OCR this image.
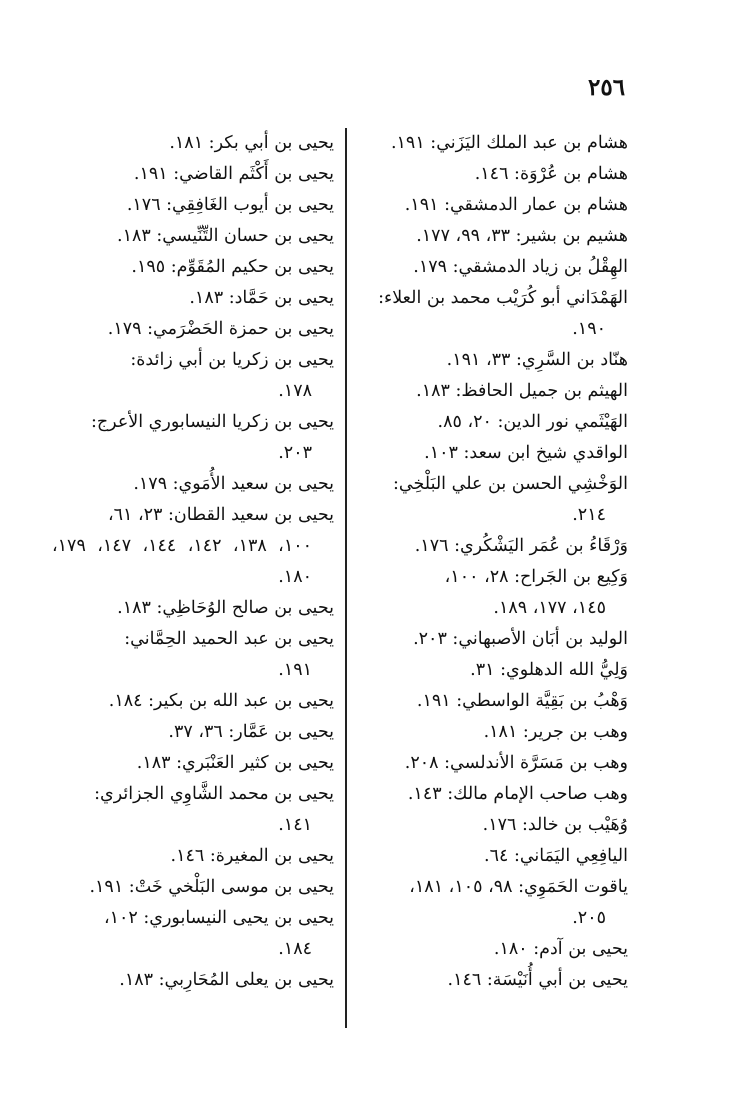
٢٥٦
هشام بن عبد الملك اليَزَني: ١٩١.
هشام بن عُرْوَة: ١٤٦.
هشام بن عمار الدمشقي: ١٩١.
هشيم بن بشير: ٣٣، ٩٩، ١٧٧.
الهِقْلُ بن زياد الدمشقي: ١٧٩.
الهَمْدَاني أبو كُرَيْب محمد بن العلاء:
١٩٠.
هنّاد بن السَّرِي: ٣٣، ١٩١.
الهيثم بن جميل الحافظ: ١٨٣.
الهَيْثَمي نور الدين: ٢٠، ٨٥.
الواقدي شيخ ابن سعد: ١٠٣.
الوَخْشِي الحسن بن علي البَلْخِي:
٢١٤.
وَرْقَاءُ بن عُمَر اليَشْكُري: ١٧٦.
وَكِيع بن الجَراح: ٢٨، ١٠٠،
١٤٥، ١٧٧، ١٨٩.
الوليد بن أبَان الأصبهاني: ٢٠٣.
وَلِيُّ الله الدهلوي: ٣١.
وَهْبُ بن بَقِيَّة الواسطي: ١٩١.
وهب بن جرير: ١٨١.
وهب بن مَسَرَّة الأندلسي: ٢٠٨.
وهب صاحب الإمام مالك: ١٤٣.
وُهَيْب بن خالد: ١٧٦.
اليافِعِي اليَمَاني: ٦٤.
ياقوت الحَمَوِي: ٩٨، ١٠٥، ١٨١،
٢٠٥.
يحيى بن آدم: ١٨٠.
يحيى بن أبي أُنَيْسَة: ١٤٦.
يحيى بن أبي بكر: ١٨١.
يحيى بن أَكْثَم القاضي: ١٩١.
يحيى بن أيوب الغَافِقِي: ١٧٦.
يحيى بن حسان التِّنِّيسي: ١٨٣.
يحيى بن حكيم المُقَوِّم: ١٩٥.
يحيى بن حَمَّاد: ١٨٣.
يحيى بن حمزة الحَضْرَمي: ١٧٩.
يحيى بن زكريا بن أبي زائدة:
١٧٨.
يحيى بن زكريا النيسابوري الأعرج:
٢٠٣.
يحيى بن سعيد الأُمَوي: ١٧٩.
يحيى بن سعيد القطان: ٢٣، ٦١،
١٠٠، ١٣٨، ١٤٢، ١٤٤، ١٤٧، ١٧٩، ١٨٠.
يحيى بن صالح الوُحَاظِي: ١٨٣.
يحيى بن عبد الحميد الحِمَّاني:
١٩١.
يحيى بن عبد الله بن بكير: ١٨٤.
يحيى بن عَمَّار: ٣٦، ٣٧.
يحيى بن كثير العَنْبَري: ١٨٣.
يحيى بن محمد الشَّاوِي الجزائري:
١٤١.
يحيى بن المغيرة: ١٤٦.
يحيى بن موسى البَلْخي خَتْ: ١٩١.
يحيى بن يحيى النيسابوري: ١٠٢،
١٨٤.
يحيى بن يعلى المُحَارِبي: ١٨٣.
